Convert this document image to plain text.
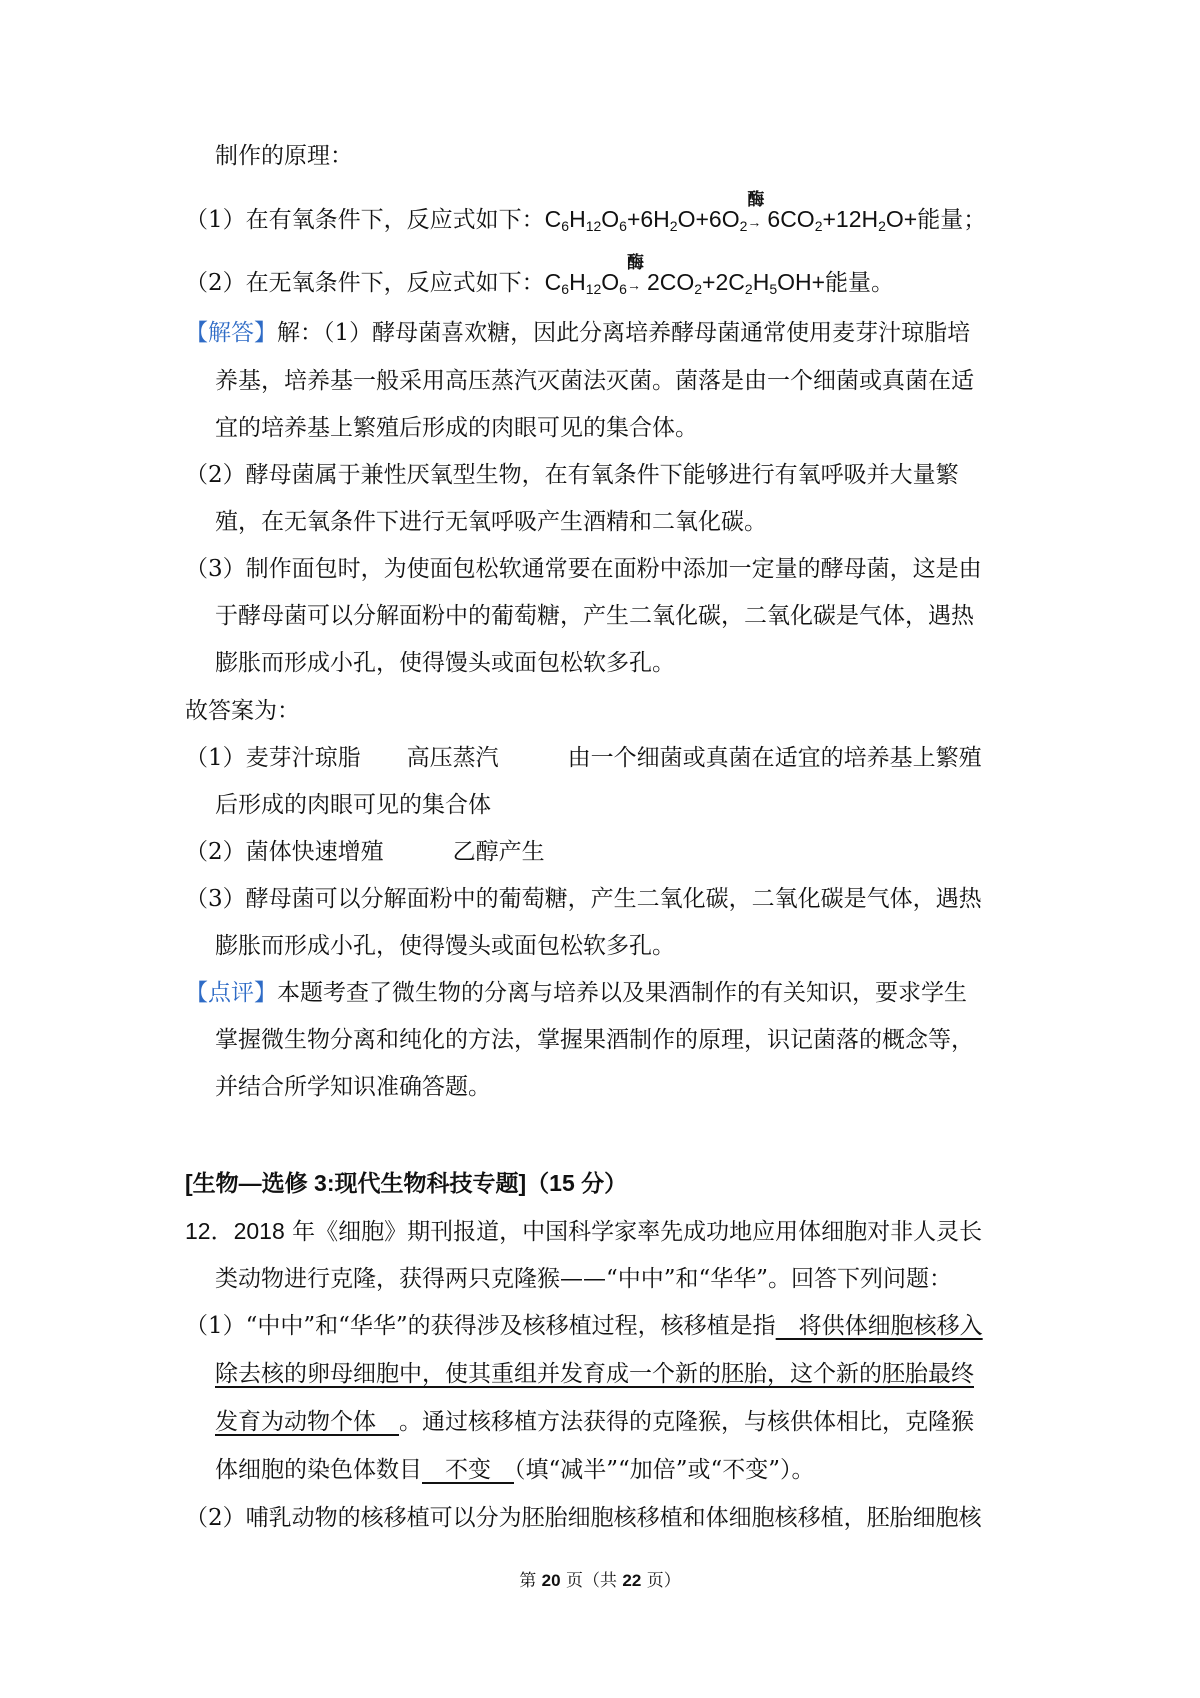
制作的原理：
（1）在有氧条件下，反应式如下：$C_6H_{12}O_6+6H_2O+6O_2$
酶
→ $6CO_2+12H_2O+$能量；
（2）在无氧条件下，反应式如下：$C_6H_{12}O_6$
酶
→ $2CO_2+2C_2H_5OH+$能量。
【解答】解：（1）酵母菌喜欢糖，因此分离培养酵母菌通常使用麦芽汁琼脂培
养基，培养基一般采用高压蒸汽灭菌法灭菌。菌落是由一个细菌或真菌在适
宜的培养基上繁殖后形成的肉眼可见的集合体。
（2）酵母菌属于兼性厌氧型生物，在有氧条件下能够进行有氧呼吸并大量繁
殖，在无氧条件下进行无氧呼吸产生酒精和二氧化碳。
（3）制作面包时，为使面包松软通常要在面粉中添加一定量的酵母菌，这是由
于酵母菌可以分解面粉中的葡萄糖，产生二氧化碳，二氧化碳是气体，遇热
膨胀而形成小孔，使得馒头或面包松软多孔。
故答案为：
（1）麦芽汁琼脂　　高压蒸汽　　　由一个细菌或真菌在适宜的培养基上繁殖
后形成的肉眼可见的集合体
（2）菌体快速增殖　　　乙醇产生
（3）酵母菌可以分解面粉中的葡萄糖，产生二氧化碳，二氧化碳是气体，遇热
膨胀而形成小孔，使得馒头或面包松软多孔。
【点评】本题考查了微生物的分离与培养以及果酒制作的有关知识，要求学生
掌握微生物分离和纯化的方法，掌握果酒制作的原理，识记菌落的概念等，
并结合所学知识准确答题。
[生物—选修 3:现代生物科技专题]（15 分）
12．2018 年《细胞》期刊报道，中国科学家率先成功地应用体细胞对非人灵长
类动物进行克隆，获得两只克隆猴——“中中”和“华华”。回答下列问题：
（1）“中中”和“华华”的获得涉及核移植过程，核移植是指　将供体细胞核移入
除去核的卵母细胞中，使其重组并发育成一个新的胚胎，这个新的胚胎最终
发育为动物个体　。通过核移植方法获得的克隆猴，与核供体相比，克隆猴
体细胞的染色体数目　不变　（填“减半”“加倍”或“不变”）。
（2）哺乳动物的核移植可以分为胚胎细胞核移植和体细胞核移植，胚胎细胞核
第 20 页（共 22 页）
